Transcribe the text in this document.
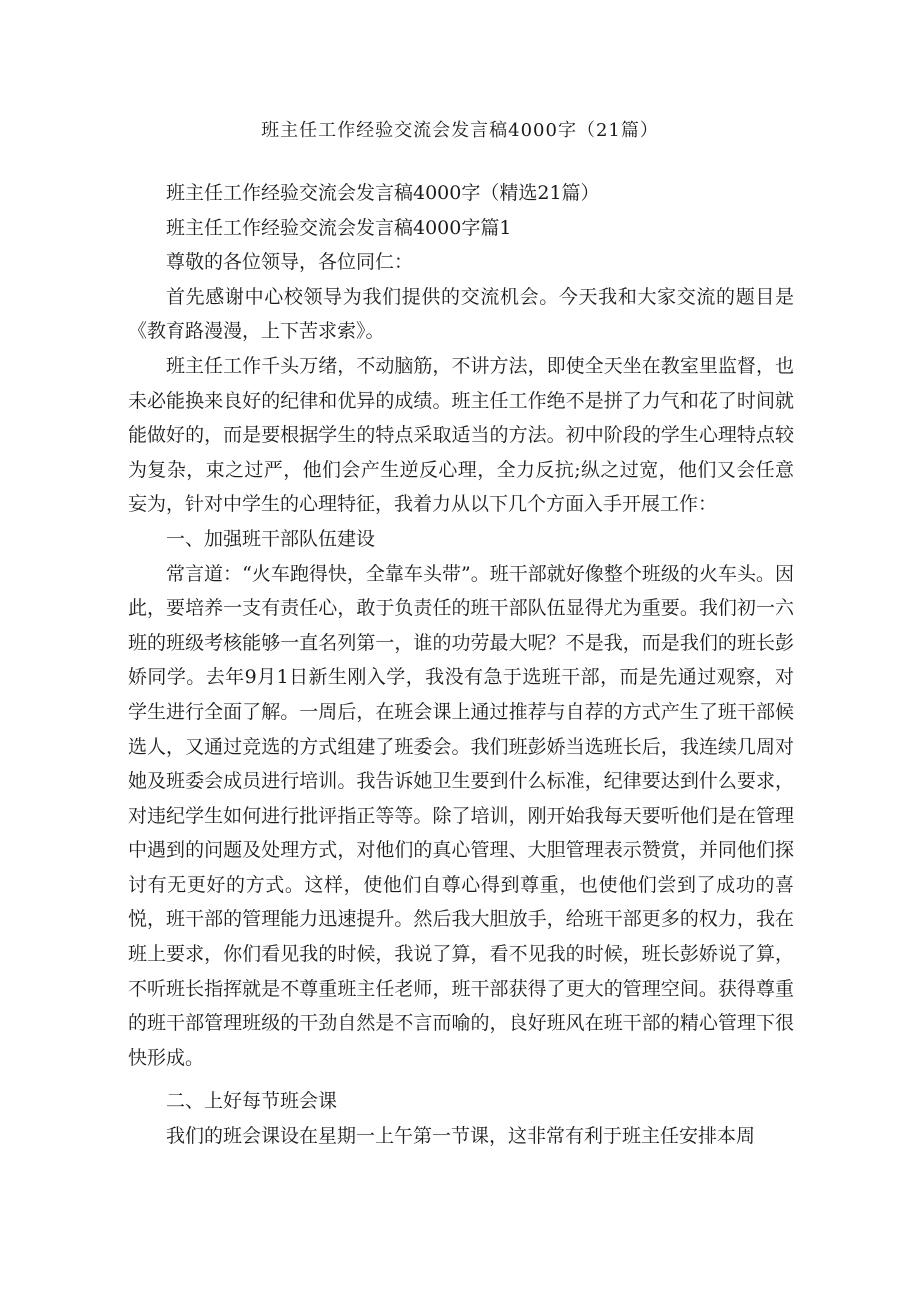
班主任工作经验交流会发言稿4000字（21篇）

班主任工作经验交流会发言稿4000字（精选21篇）

班主任工作经验交流会发言稿4000字篇1

尊敬的各位领导，各位同仁：

首先感谢中心校领导为我们提供的交流机会。今天我和大家交流的题目是《教育路漫漫，上下苦求索》。

班主任工作千头万绪，不动脑筋，不讲方法，即使全天坐在教室里监督，也未必能换来良好的纪律和优异的成绩。班主任工作绝不是拼了力气和花了时间就能做好的，而是要根据学生的特点采取适当的方法。初中阶段的学生心理特点较为复杂，束之过严，他们会产生逆反心理，全力反抗;纵之过宽，他们又会任意妄为，针对中学生的心理特征，我着力从以下几个方面入手开展工作：

一、加强班干部队伍建设

常言道：“火车跑得快，全靠车头带”。班干部就好像整个班级的火车头。因此，要培养一支有责任心，敢于负责任的班干部队伍显得尤为重要。我们初一六班的班级考核能够一直名列第一，谁的功劳最大呢？不是我，而是我们的班长彭娇同学。去年9月1日新生刚入学，我没有急于选班干部，而是先通过观察，对学生进行全面了解。一周后，在班会课上通过推荐与自荐的方式产生了班干部候选人，又通过竞选的方式组建了班委会。我们班彭娇当选班长后，我连续几周对她及班委会成员进行培训。我告诉她卫生要到什么标准，纪律要达到什么要求，对违纪学生如何进行批评指正等等。除了培训，刚开始我每天要听他们是在管理中遇到的问题及处理方式，对他们的真心管理、大胆管理表示赞赏，并同他们探讨有无更好的方式。这样，使他们自尊心得到尊重，也使他们尝到了成功的喜悦，班干部的管理能力迅速提升。然后我大胆放手，给班干部更多的权力，我在班上要求，你们看见我的时候，我说了算，看不见我的时候，班长彭娇说了算，不听班长指挥就是不尊重班主任老师，班干部获得了更大的管理空间。获得尊重的班干部管理班级的干劲自然是不言而喻的，良好班风在班干部的精心管理下很快形成。

二、上好每节班会课

我们的班会课设在星期一上午第一节课，这非常有利于班主任安排本周
